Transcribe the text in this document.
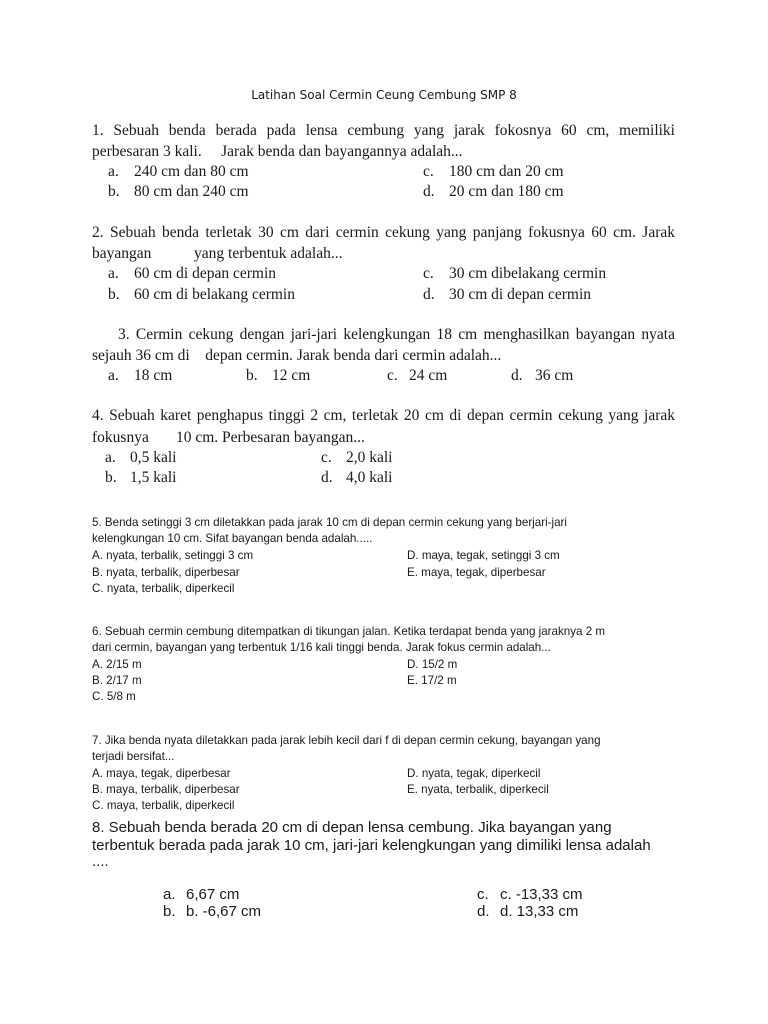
Latihan Soal Cermin Ceung Cembung SMP 8
1. Sebuah benda berada pada lensa cembung yang jarak fokosnya 60 cm, memiliki
perbesaran 3 kali.     Jarak benda dan bayangannya adalah...
a. 240 cm dan 80 cm	c. 180 cm dan 20 cm
b. 80 cm dan 240 cm	d. 20 cm dan 180 cm
2. Sebuah benda terletak 30 cm dari cermin cekung yang panjang fokusnya 60 cm. Jarak
bayangan           yang terbentuk adalah...
a. 60 cm di depan cermin	c. 30 cm dibelakang cermin
b. 60 cm di belakang cermin	d. 30 cm di depan cermin
3. Cermin cekung dengan jari-jari kelengkungan 18 cm menghasilkan bayangan nyata
sejauh 36 cm di    depan cermin. Jarak benda dari cermin adalah...
a. 18 cm	b. 12 cm	c. 24 cm	d. 36 cm
4. Sebuah karet penghapus tinggi 2 cm, terletak 20 cm di depan cermin cekung yang jarak
fokusnya       10 cm. Perbesaran bayangan...
a. 0,5 kali	c. 2,0 kali
b. 1,5 kali	d. 4,0 kali
5. Benda setinggi 3 cm diletakkan pada jarak 10 cm di depan cermin cekung yang berjari-jari
kelengkungan 10 cm. Sifat bayangan benda adalah.....
A. nyata, terbalik, setinggi 3 cm	D. maya, tegak, setinggi 3 cm
B. nyata, terbalik, diperbesar	E. maya, tegak, diperbesar
C. nyata, terbalik, diperkecil
6. Sebuah cermin cembung ditempatkan di tikungan jalan. Ketika terdapat benda yang jaraknya 2 m
dari cermin, bayangan yang terbentuk 1/16 kali tinggi benda. Jarak fokus cermin adalah...
A. 2/15 m	D. 15/2 m
B. 2/17 m	E. 17/2 m
C. 5/8 m
7. Jika benda nyata diletakkan pada jarak lebih kecil dari f di depan cermin cekung, bayangan yang
terjadi bersifat...
A. maya, tegak, diperbesar	D. nyata, tegak, diperkecil
B. maya, terbalik, diperbesar	E. nyata, terbalik, diperkecil
C. maya, terbalik, diperkecil
8. Sebuah benda berada 20 cm di depan lensa cembung. Jika bayangan yang
terbentuk berada pada jarak 10 cm, jari-jari kelengkungan yang dimiliki lensa adalah
....
a. 6,67 cm	c. c. -13,33 cm
b. b. -6,67 cm	d. d. 13,33 cm
